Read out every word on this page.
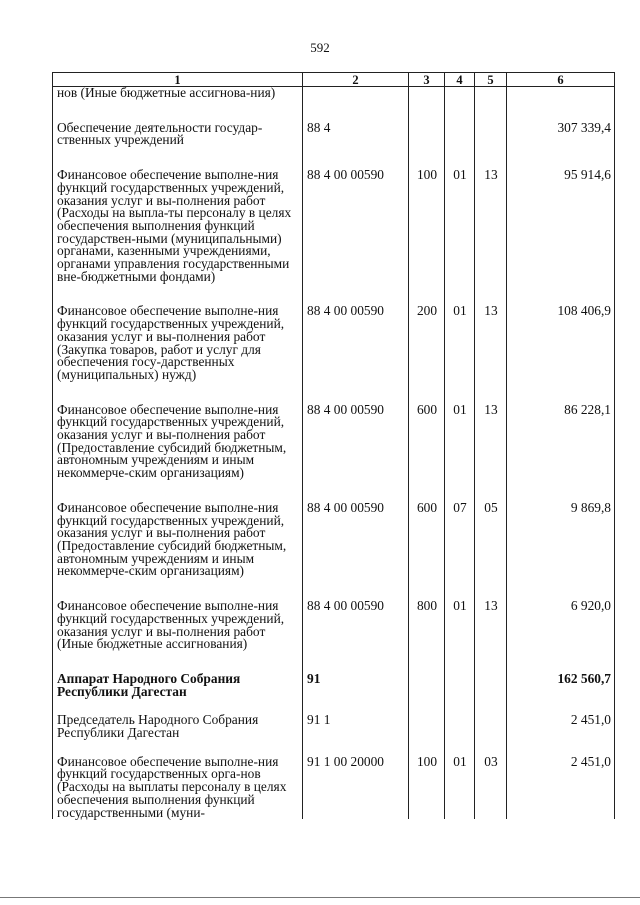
592
1	2	3	4	5	6
нов (Иные бюджетные ассигнова-ния)					
Обеспечение деятельности государ-ственных учреждений	88 4				307 339,4
Финансовое обеспечение выполне-ния функций государственных учреждений, оказания услуг и вы-полнения работ (Расходы на выпла-ты персоналу в целях обеспечения выполнения функций государствен-ными (муниципальными) органами, казенными учреждениями, органами управления государственными вне-бюджетными фондами)	88 4 00 00590	100	01	13	95 914,6
Финансовое обеспечение выполне-ния функций государственных учреждений, оказания услуг и вы-полнения работ (Закупка товаров, работ и услуг для обеспечения госу-дарственных (муниципальных) нужд)	88 4 00 00590	200	01	13	108 406,9
Финансовое обеспечение выполне-ния функций государственных учреждений, оказания услуг и вы-полнения работ (Предоставление субсидий бюджетным, автономным учреждениям и иным некоммерче-ским организациям)	88 4 00 00590	600	01	13	86 228,1
Финансовое обеспечение выполне-ния функций государственных учреждений, оказания услуг и вы-полнения работ (Предоставление субсидий бюджетным, автономным учреждениям и иным некоммерче-ским организациям)	88 4 00 00590	600	07	05	9 869,8
Финансовое обеспечение выполне-ния функций государственных учреждений, оказания услуг и вы-полнения работ (Иные бюджетные ассигнования)	88 4 00 00590	800	01	13	6 920,0
Аппарат Народного Собрания Республики Дагестан	91				162 560,7
Председатель Народного Собрания Республики Дагестан	91 1				2 451,0
Финансовое обеспечение выполне-ния функций государственных орга-нов (Расходы на выплаты персоналу в целях обеспечения выполнения функций государственными (муни-	91 1 00 20000	100	01	03	2 451,0
